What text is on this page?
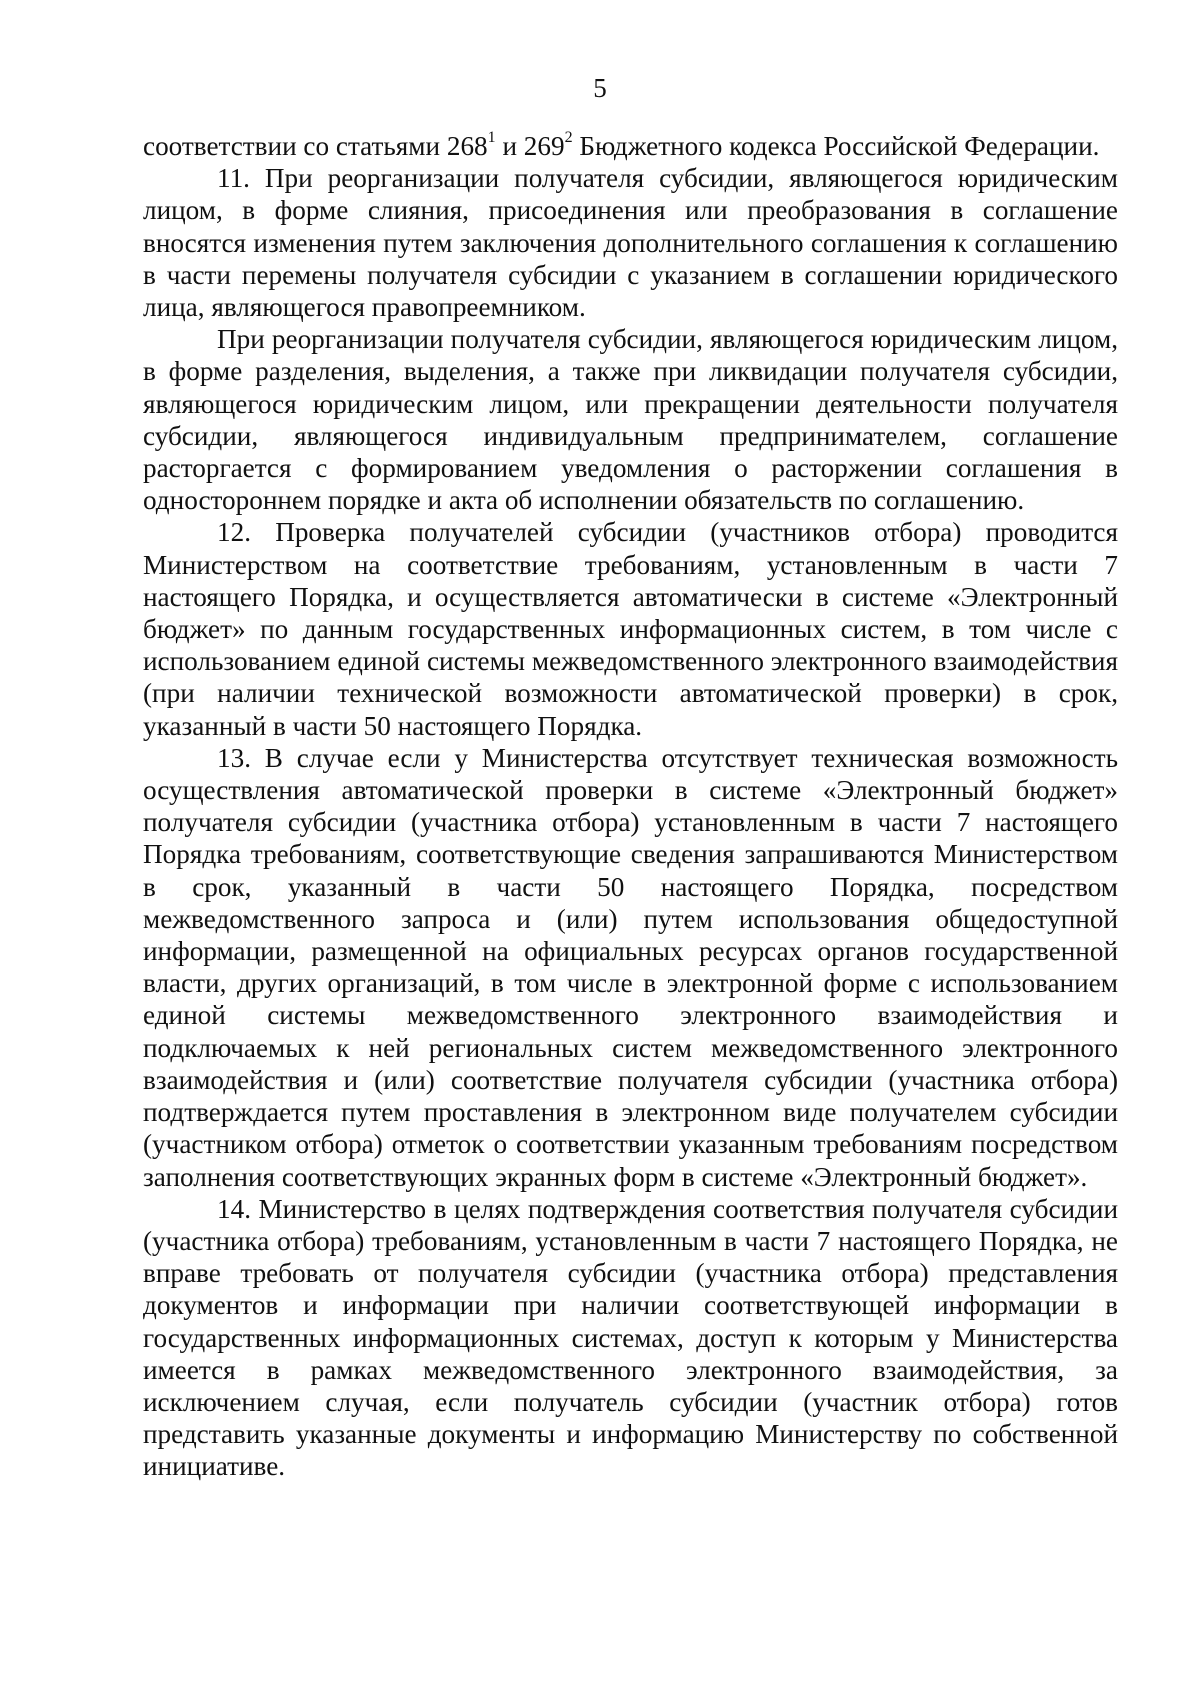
5

соответствии со статьями $268^1$ и $269^2$ Бюджетного кодекса Российской Федерации.

11. При реорганизации получателя субсидии, являющегося юридическим лицом, в форме слияния, присоединения или преобразования в соглашение вносятся изменения путем заключения дополнительного соглашения к соглашению в части перемены получателя субсидии с указанием в соглашении юридического лица, являющегося правопреемником.

При реорганизации получателя субсидии, являющегося юридическим лицом, в форме разделения, выделения, а также при ликвидации получателя субсидии, являющегося юридическим лицом, или прекращении деятельности получателя субсидии, являющегося индивидуальным предпринимателем, соглашение расторгается с формированием уведомления о расторжении соглашения в одностороннем порядке и акта об исполнении обязательств по соглашению.

12. Проверка получателей субсидии (участников отбора) проводится Министерством на соответствие требованиям, установленным в части 7 настоящего Порядка, и осуществляется автоматически в системе «Электронный бюджет» по данным государственных информационных систем, в том числе с использованием единой системы межведомственного электронного взаимодействия (при наличии технической возможности автоматической проверки) в срок, указанный в части 50 настоящего Порядка.

13. В случае если у Министерства отсутствует техническая возможность осуществления автоматической проверки в системе «Электронный бюджет» получателя субсидии (участника отбора) установленным в части 7 настоящего Порядка требованиям, соответствующие сведения запрашиваются Министерством в срок, указанный в части 50 настоящего Порядка, посредством межведомственного запроса и (или) путем использования общедоступной информации, размещенной на официальных ресурсах органов государственной власти, других организаций, в том числе в электронной форме с использованием единой системы межведомственного электронного взаимодействия и подключаемых к ней региональных систем межведомственного электронного взаимодействия и (или) соответствие получателя субсидии (участника отбора) подтверждается путем проставления в электронном виде получателем субсидии (участником отбора) отметок о соответствии указанным требованиям посредством заполнения соответствующих экранных форм в системе «Электронный бюджет».

14. Министерство в целях подтверждения соответствия получателя субсидии (участника отбора) требованиям, установленным в части 7 настоящего Порядка, не вправе требовать от получателя субсидии (участника отбора) представления документов и информации при наличии соответствующей информации в государственных информационных системах, доступ к которым у Министерства имеется в рамках межведомственного электронного взаимодействия, за исключением случая, если получатель субсидии (участник отбора) готов представить указанные документы и информацию Министерству по собственной инициативе.
